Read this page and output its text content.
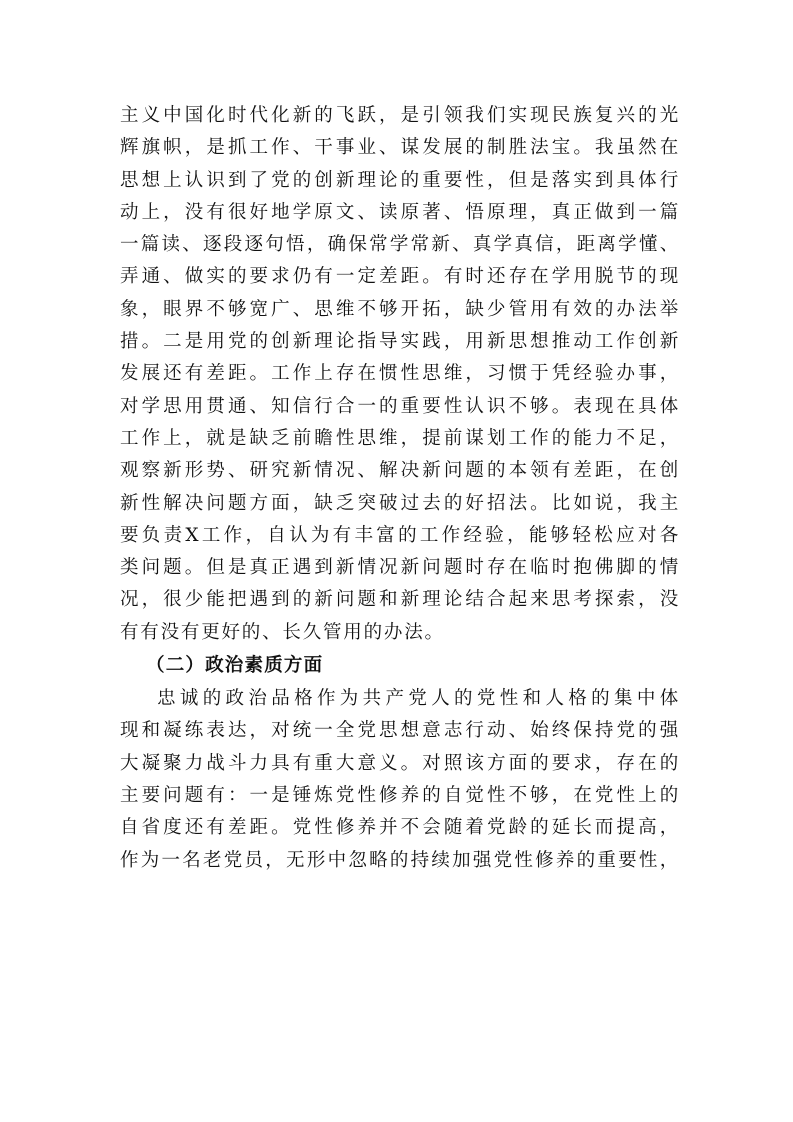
主义中国化时代化新的飞跃，是引领我们实现民族复兴的光
辉旗帜，是抓工作、干事业、谋发展的制胜法宝。我虽然在
思想上认识到了党的创新理论的重要性，但是落实到具体行
动上，没有很好地学原文、读原著、悟原理，真正做到一篇
一篇读、逐段逐句悟，确保常学常新、真学真信，距离学懂、
弄通、做实的要求仍有一定差距。有时还存在学用脱节的现
象，眼界不够宽广、思维不够开拓，缺少管用有效的办法举
措。二是用党的创新理论指导实践，用新思想推动工作创新
发展还有差距。工作上存在惯性思维，习惯于凭经验办事，
对学思用贯通、知信行合一的重要性认识不够。表现在具体
工作上，就是缺乏前瞻性思维，提前谋划工作的能力不足，
观察新形势、研究新情况、解决新问题的本领有差距，在创
新性解决问题方面，缺乏突破过去的好招法。比如说，我主
要负责X工作，自认为有丰富的工作经验，能够轻松应对各
类问题。但是真正遇到新情况新问题时存在临时抱佛脚的情
况，很少能把遇到的新问题和新理论结合起来思考探索，没
有有没有更好的、长久管用的办法。
（二）政治素质方面
忠诚的政治品格作为共产党人的党性和人格的集中体
现和凝练表达，对统一全党思想意志行动、始终保持党的强
大凝聚力战斗力具有重大意义。对照该方面的要求，存在的
主要问题有：一是锤炼党性修养的自觉性不够，在党性上的
自省度还有差距。党性修养并不会随着党龄的延长而提高，
作为一名老党员，无形中忽略的持续加强党性修养的重要性，
